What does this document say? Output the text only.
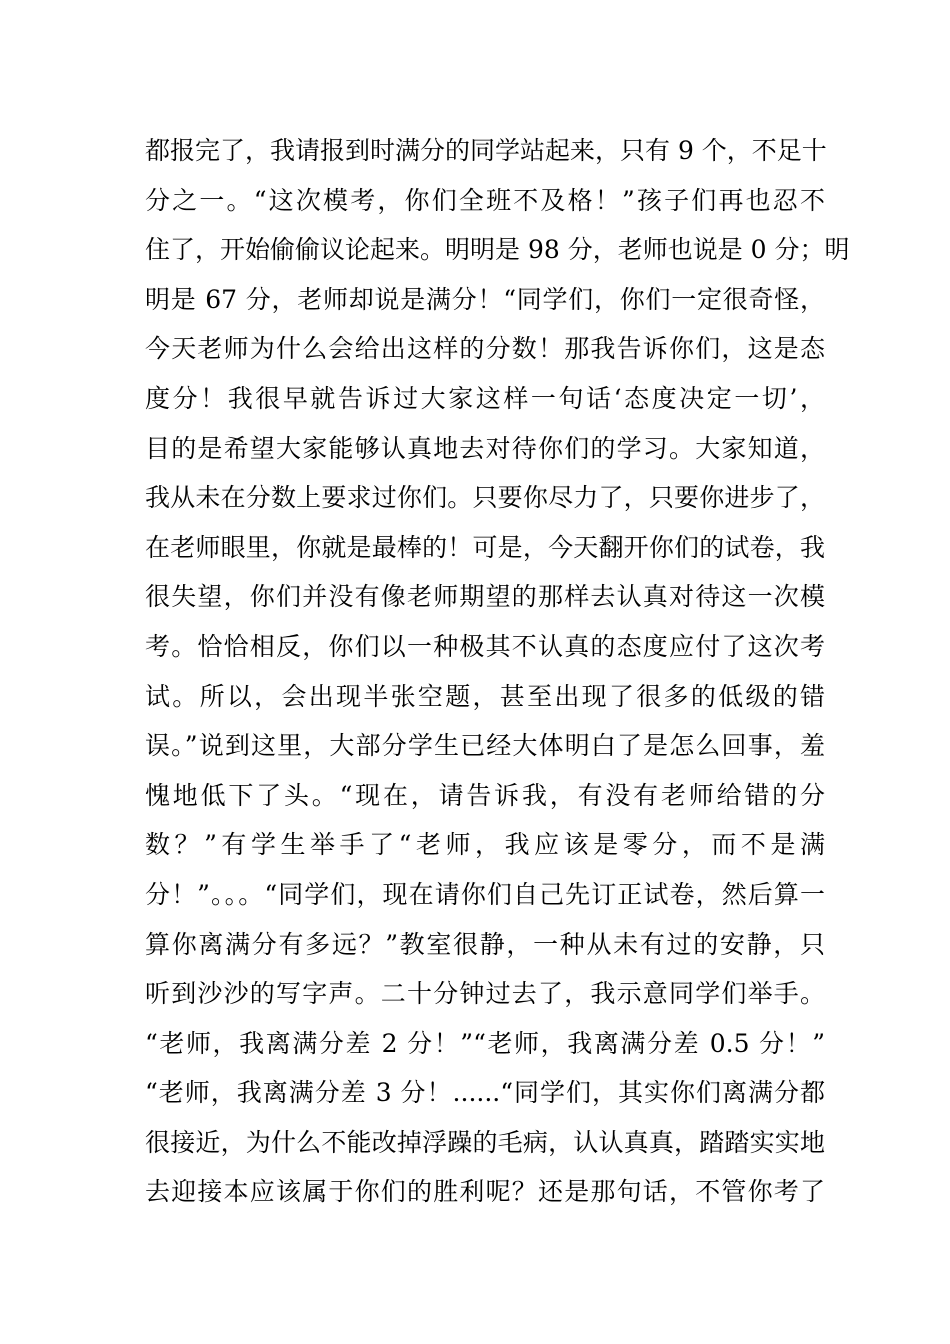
都报完了，我请报到时满分的同学站起来，只有 9 个，不足十
分之一。“这次模考，你们全班不及格！”孩子们再也忍不
住了，开始偷偷议论起来。明明是 98 分，老师也说是 0 分；明
明是 67 分，老师却说是满分！“同学们，你们一定很奇怪，
今天老师为什么会给出这样的分数！那我告诉你们，这是态
度分！我很早就告诉过大家这样一句话‘态度决定一切’，
目的是希望大家能够认真地去对待你们的学习。大家知道，
我从未在分数上要求过你们。只要你尽力了，只要你进步了，
在老师眼里，你就是最棒的！可是，今天翻开你们的试卷，我
很失望，你们并没有像老师期望的那样去认真对待这一次模
考。恰恰相反，你们以一种极其不认真的态度应付了这次考
试。所以，会出现半张空题，甚至出现了很多的低级的错
误。”说到这里，大部分学生已经大体明白了是怎么回事，羞
愧地低下了头。“现在，请告诉我，有没有老师给错的分
数？”有学生举手了“老师，我应该是零分，而不是满
分！”。。。“同学们，现在请你们自己先订正试卷，然后算一
算你离满分有多远？”教室很静，一种从未有过的安静，只
听到沙沙的写字声。二十分钟过去了，我示意同学们举手。
“老师，我离满分差 2 分！”“老师，我离满分差 0.5 分！”
“老师，我离满分差 3 分！......“同学们，其实你们离满分都
很接近，为什么不能改掉浮躁的毛病，认认真真，踏踏实实地
去迎接本应该属于你们的胜利呢？还是那句话，不管你考了
